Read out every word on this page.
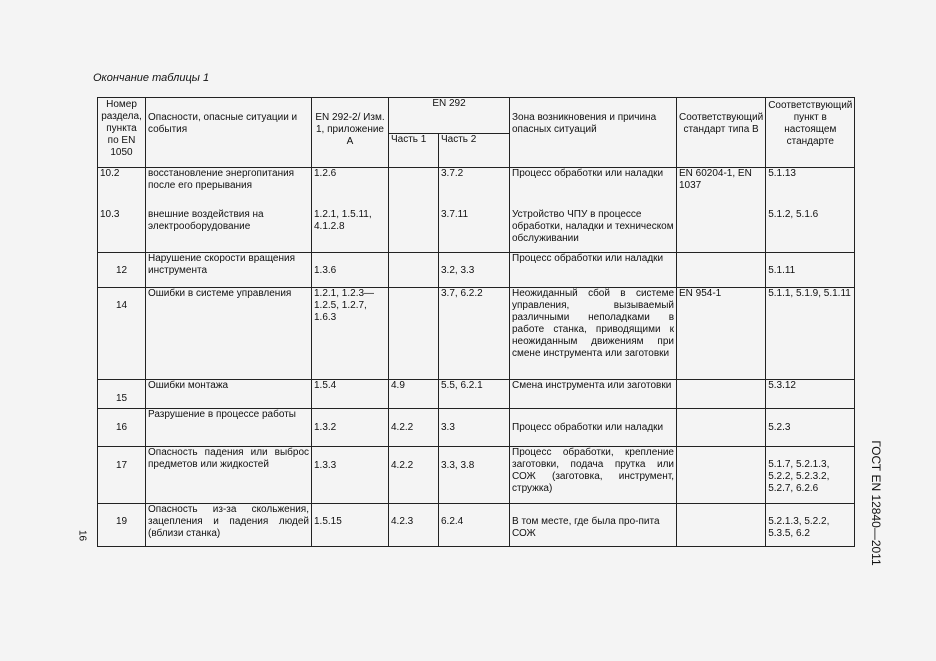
Окончание таблицы 1
Номер раздела, пункта по EN 1050	Опасности, опасные ситуации и события	EN 292-2/ Изм. 1, приложение А	EN 292		Зона возникновения и причина опасных ситуаций	Соответствующий стандарт типа В	Соответствующий пункт в настоящем стандарте
			Часть 1	Часть 2			
10.2	восстановление энергопитания после его прерывания	1.2.6		3.7.2	Процесс обработки или наладки	EN 60204-1, EN 1037	5.1.13
10.3	внешние воздействия на электрооборудование	1.2.1, 1.5.11, 4.1.2.8		3.7.11	Устройство ЧПУ в процессе обработки, наладки и техническом обслуживании		5.1.2, 5.1.6
12	Нарушение скорости вращения инструмента	1.3.6		3.2, 3.3	Процесс обработки или наладки		5.1.11
14	Ошибки в системе управления	1.2.1, 1.2.3—1.2.5, 1.2.7, 1.6.3		3.7, 6.2.2	Неожиданный сбой в системе управления, вызываемый различными неполадками в работе станка, приводящими к неожиданным движениям при смене инструмента или заготовки	EN 954-1	5.1.1, 5.1.9, 5.1.11
15	Ошибки монтажа	1.5.4	4.9	5.5, 6.2.1	Смена инструмента или заготовки		5.3.12
16	Разрушение в процессе работы	1.3.2	4.2.2	3.3	Процесс обработки или наладки		5.2.3
17	Опасность падения или выброс предметов или жидкостей	1.3.3	4.2.2	3.3, 3.8	Процесс обработки, крепление заготовки, подача прутка или СОЖ (заготовка, инструмент, стружка)		5.1.7, 5.2.1.3, 5.2.2, 5.2.3.2, 5.2.7, 6.2.6
19	Опасность из-за скольжения, зацепления и падения людей (вблизи станка)	1.5.15	4.2.3	6.2.4	В том месте, где была про-пита СОЖ		5.2.1.3, 5.2.2, 5.3.5, 6.2
16	ГОСТ EN 12840—2011
